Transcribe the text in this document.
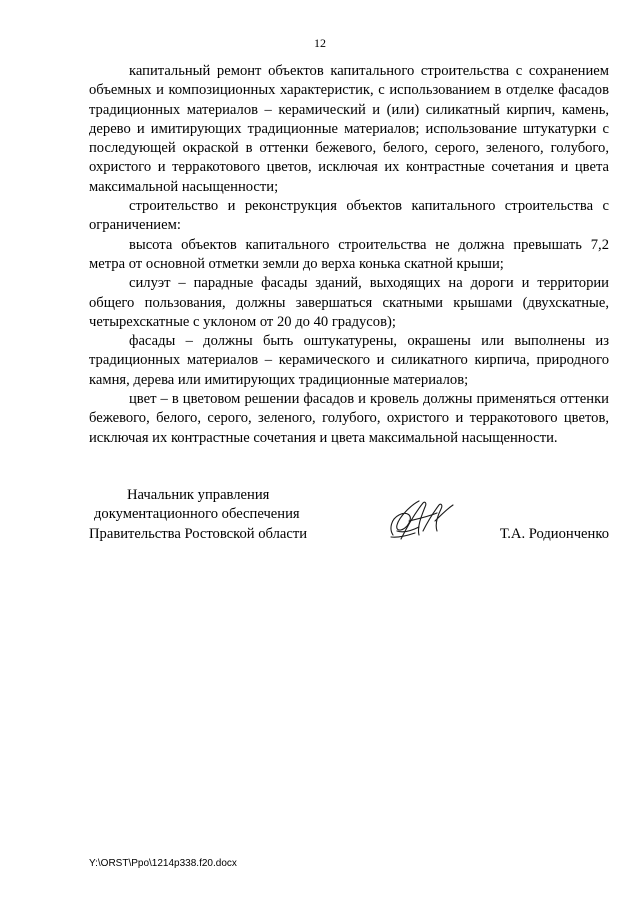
12

капитальный ремонт объектов капитального строительства с сохранением объемных и композиционных характеристик, с использованием в отделке фасадов традиционных материалов – керамический и (или) силикатный кирпич, камень, дерево и имитирующих традиционные материалов; использование штукатурки с последующей окраской в оттенки бежевого, белого, серого, зеленого, голубого, охристого и терракотового цветов, исключая их контрастные сочетания и цвета максимальной насыщенности;

строительство и реконструкция объектов капитального строительства с ограничением:

высота объектов капитального строительства не должна превышать 7,2 метра от основной отметки земли до верха конька скатной крыши;

силуэт – парадные фасады зданий, выходящих на дороги и территории общего пользования, должны завершаться скатными крышами (двухскатные, четырехскатные с уклоном от 20 до 40 градусов);

фасады – должны быть оштукатурены, окрашены или выполнены из традиционных материалов – керамического и силикатного кирпича, природного камня, дерева или имитирующих традиционные материалов;

цвет – в цветовом решении фасадов и кровель должны применяться оттенки бежевого, белого, серого, зеленого, голубого, охристого и терракотового цветов, исключая их контрастные сочетания и цвета максимальной насыщенности.

Начальник управления
документационного обеспечения
Правительства Ростовской области	Т.А. Родионченко
Y:\ORST\Ppo\1214p338.f20.docx
